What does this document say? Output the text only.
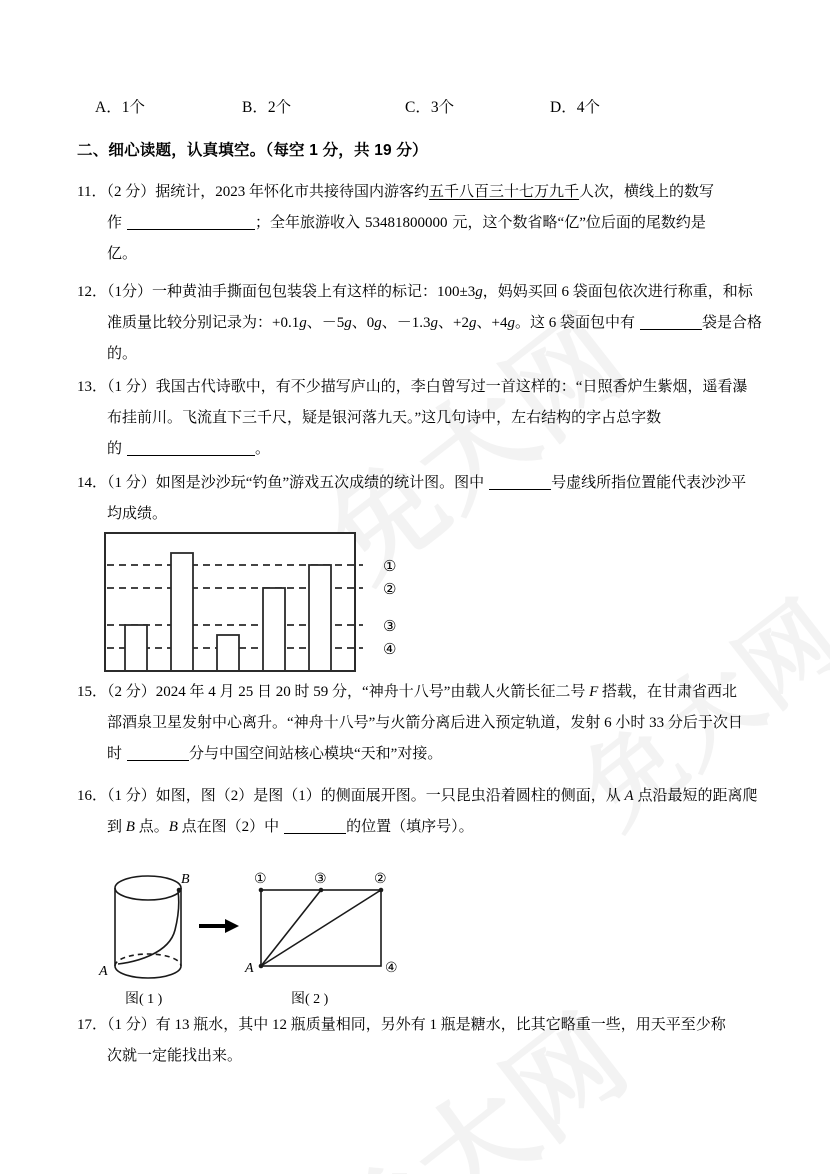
A．1个	B．2个	C．3个	D．4个
二、细心读题，认真填空。（每空 1 分，共 19 分）
11．（2 分）据统计，2023 年怀化市共接待国内游客约五千八百三十七万九千人次，横线上的数写
作	；全年旅游收入 53481800000 元，这个数省略“亿”位后面的尾数约是
亿。
12．（1分）一种黄油手撕面包包装袋上有这样的标记：100±3g，妈妈买回 6 袋面包依次进行称重，和标
准质量比较分别记录为：+0.1g、－5g、0g、－1.3g、+2g、+4g。这 6 袋面包中有	袋是合格
的。
13．（1 分）我国古代诗歌中，有不少描写庐山的，李白曾写过一首这样的：“日照香炉生紫烟，遥看瀑
布挂前川。飞流直下三千尺，疑是银河落九天。”这几句诗中，左右结构的字占总字数
的	。
14．（1 分）如图是沙沙玩“钓鱼”游戏五次成绩的统计图。图中	号虚线所指位置能代表沙沙平
均成绩。
①
②
③
④
15．（2 分）2024 年 4 月 25 日 20 时 59 分，“神舟十八号”由载人火箭长征二号 F 搭载，在甘肃省西北
部酒泉卫星发射中心离升。“神舟十八号”与火箭分离后进入预定轨道，发射 6 小时 33 分后于次日
时	分与中国空间站核心模块“天和”对接。
16．（1 分）如图，图（2）是图（1）的侧面展开图。一只昆虫沿着圆柱的侧面，从 A 点沿最短的距离爬
到 B 点。B 点在图（2）中	的位置（填序号）。
B
A
图( 1 )
①	③	②
④
A
图( 2 )
17．（1 分）有 13 瓶水，其中 12 瓶质量相同，另外有 1 瓶是糖水，比其它略重一些，用天平至少称
次就一定能找出来。
